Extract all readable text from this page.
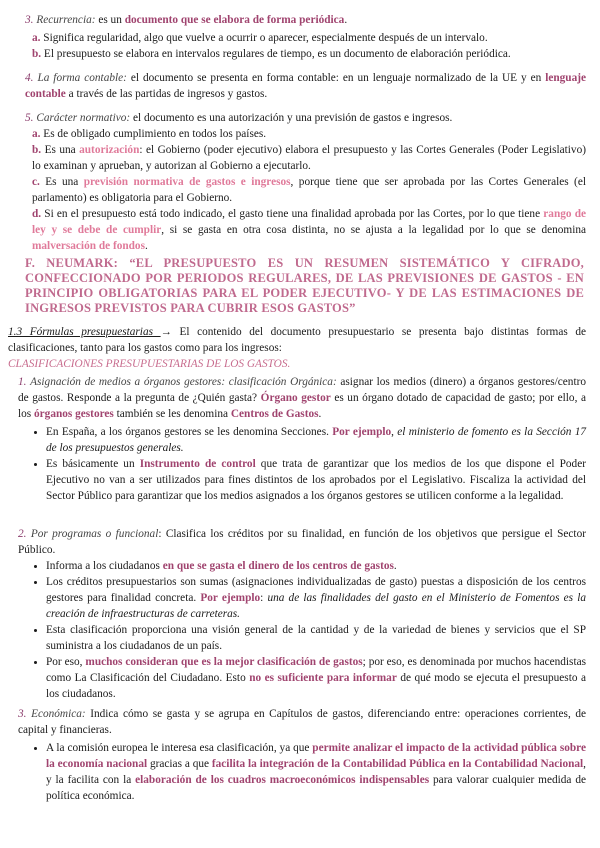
3. Recurrencia: es un documento que se elabora de forma periódica.

a. Significa regularidad, algo que vuelve a ocurrir o aparecer, especialmente después de un intervalo.

b. El presupuesto se elabora en intervalos regulares de tiempo, es un documento de elaboración periódica.

4. La forma contable: el documento se presenta en forma contable: en un lenguaje normalizado de la UE y en lenguaje contable a través de las partidas de ingresos y gastos.

5. Carácter normativo: el documento es una autorización y una previsión de gastos e ingresos.

a. Es de obligado cumplimiento en todos los países.

b. Es una autorización: el Gobierno (poder ejecutivo) elabora el presupuesto y las Cortes Generales (Poder Legislativo) lo examinan y aprueban, y autorizan al Gobierno a ejecutarlo.

c. Es una previsión normativa de gastos e ingresos, porque tiene que ser aprobada por las Cortes Generales (el parlamento) es obligatoria para el Gobierno.

d. Si en el presupuesto está todo indicado, el gasto tiene una finalidad aprobada por las Cortes, por lo que tiene rango de ley y se debe de cumplir, si se gasta en otra cosa distinta, no se ajusta a la legalidad por lo que se denomina malversación de fondos.

F. NEUMARK: “EL PRESUPUESTO ES UN RESUMEN SISTEMÁTICO Y CIFRADO, CONFECCIONADO POR PERIODOS REGULARES, DE LAS PREVISIONES DE GASTOS - EN PRINCIPIO OBLIGATORIAS PARA EL PODER EJECUTIVO- Y DE LAS ESTIMACIONES DE INGRESOS PREVISTOS PARA CUBRIR ESOS GASTOS”

1.3 Fórmulas presupuestarias → El contenido del documento presupuestario se presenta bajo distintas formas de clasificaciones, tanto para los gastos como para los ingresos:

CLASIFICACIONES PRESUPUESTARIAS DE LOS GASTOS.

1. Asignación de medios a órganos gestores: clasificación Orgánica: asignar los medios (dinero) a órganos gestores/centro de gastos. Responde a la pregunta de ¿Quién gasta? Órgano gestor es un órgano dotado de capacidad de gasto; por ello, a los órganos gestores también se les denomina Centros de Gastos.

• En España, a los órganos gestores se les denomina Secciones. Por ejemplo, el ministerio de fomento es la Sección 17 de los presupuestos generales.
• Es básicamente un Instrumento de control que trata de garantizar que los medios de los que dispone el Poder Ejecutivo no van a ser utilizados para fines distintos de los aprobados por el Legislativo. Fiscaliza la actividad del Sector Público para garantizar que los medios asignados a los órganos gestores se utilicen conforme a la legalidad.

2. Por programas o funcional: Clasifica los créditos por su finalidad, en función de los objetivos que persigue el Sector Público.

• Informa a los ciudadanos en que se gasta el dinero de los centros de gastos.
• Los créditos presupuestarios son sumas (asignaciones individualizadas de gasto) puestas a disposición de los centros gestores para finalidad concreta. Por ejemplo: una de las finalidades del gasto en el Ministerio de Fomentos es la creación de infraestructuras de carreteras.
• Esta clasificación proporciona una visión general de la cantidad y de la variedad de bienes y servicios que el SP suministra a los ciudadanos de un país.
• Por eso, muchos consideran que es la mejor clasificación de gastos; por eso, es denominada por muchos hacendistas como La Clasificación del Ciudadano. Esto no es suficiente para informar de qué modo se ejecuta el presupuesto a los ciudadanos.

3. Económica: Indica cómo se gasta y se agrupa en Capítulos de gastos, diferenciando entre: operaciones corrientes, de capital y financieras.

• A la comisión europea le interesa esa clasificación, ya que permite analizar el impacto de la actividad pública sobre la economía nacional gracias a que facilita la integración de la Contabilidad Pública en la Contabilidad Nacional, y la facilita con la elaboración de los cuadros macroeconómicos indispensables para valorar cualquier medida de política económica.
